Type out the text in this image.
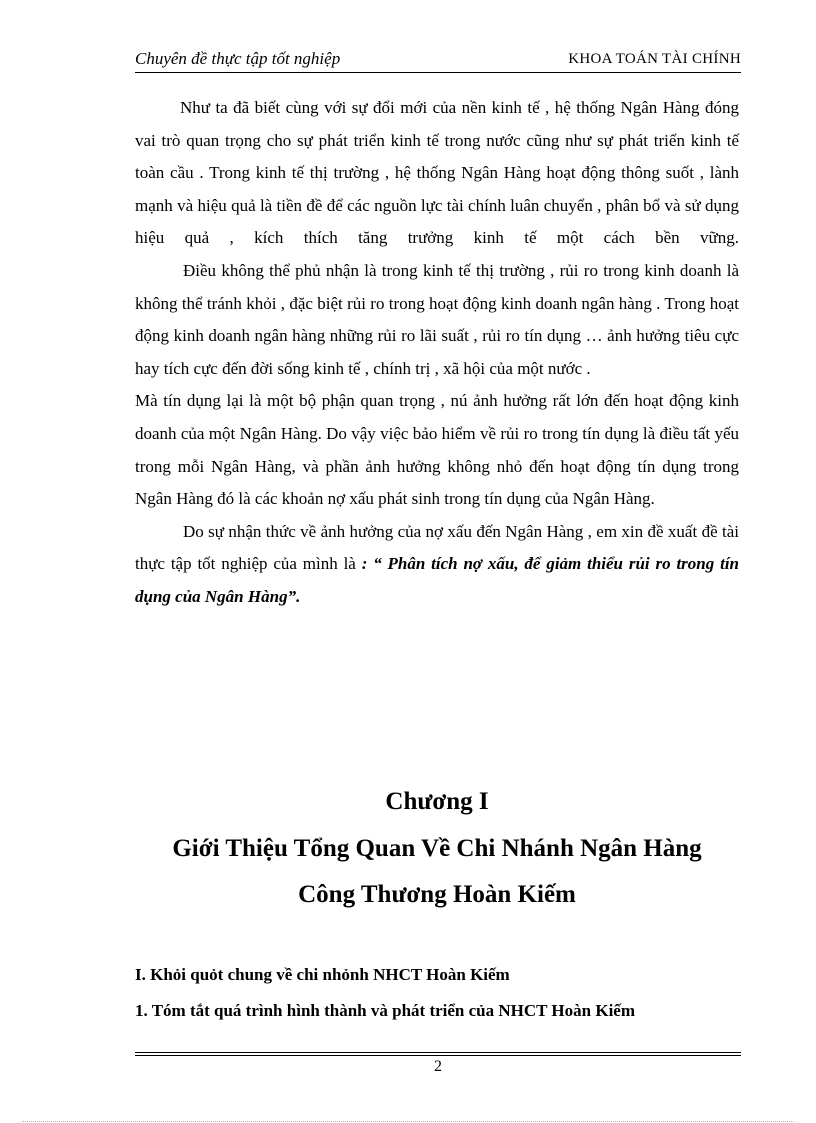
Chuyên đề thực tập tốt nghiệp	KHOA TOÁN TÀI CHÍNH

Như ta đã biết cùng với sự đổi mới của nền kinh tế , hệ thống Ngân Hàng đóng vai trò quan trọng cho sự phát triển kinh tế trong nước cũng như sự phát triển kinh tế toàn cầu . Trong kinh tế thị trường , hệ thống Ngân Hàng hoạt động thông suốt , lành mạnh và hiệu quả là tiền đề để các nguồn lực tài chính luân chuyển , phân bổ và sử dụng hiệu quả , kích thích tăng trưởng kinh tế một cách bền vững.

Điều không thể phủ nhận là trong kinh tế thị trường , rủi ro trong kinh doanh là không thể tránh khỏi , đặc biệt rủi ro trong hoạt động kinh doanh ngân hàng . Trong hoạt động kinh doanh ngân hàng những rủi ro lãi suất , rủi ro tín dụng … ảnh hưởng tiêu cực hay tích cực đến đời sống kinh tế , chính trị , xã hội của một nước .

Mà tín dụng lại là một bộ phận quan trọng , nú ảnh hưởng rất lớn đến hoạt động kinh doanh của một Ngân Hàng. Do vậy việc bảo hiểm về rủi ro trong tín dụng là điều tất yếu trong mỗi Ngân Hàng, và phần ảnh hưởng không nhỏ đến hoạt động tín dụng trong Ngân Hàng đó là các khoản nợ xấu phát sinh trong tín dụng của Ngân Hàng.

Do sự nhận thức về ảnh hưởng của nợ xấu đến Ngân Hàng , em xin đề xuất đề tài thực tập tốt nghiệp của mình là : “ Phân tích nợ xấu, để giảm thiểu rủi ro trong tín dụng của Ngân Hàng”.

Chương I
Giới Thiệu Tổng Quan Về Chi Nhánh Ngân Hàng
Công Thương Hoàn Kiếm
I. Khỏi quỏt chung về chi nhỏnh NHCT Hoàn Kiếm
1. Tóm tắt quá trình hình thành và phát triển của NHCT Hoàn Kiếm
2
